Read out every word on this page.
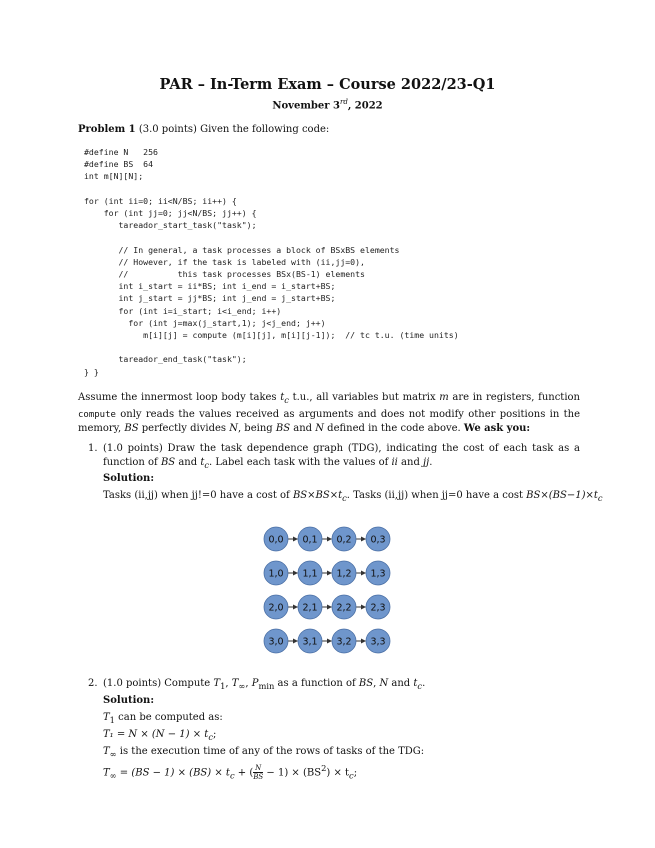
PAR – In-Term Exam – Course 2022/23-Q1
November 3rd, 2022
Problem 1 (3.0 points) Given the following code:
#define N   256
#define BS  64
int m[N][N];

for (int ii=0; ii<N/BS; ii++) {
for (int jj=0; jj<N/BS; jj++) {
tareador_start_task("task");

// In general, a task processes a block of BSxBS elements
// However, if the task is labeled with (ii,jj=0),
//          this task processes BSx(BS-1) elements
int i_start = ii*BS; int i_end = i_start+BS;
int j_start = jj*BS; int j_end = j_start+BS;
for (int i=i_start; i<i_end; i++)
for (int j=max(j_start,1); j<j_end; j++)
m[i][j] = compute (m[i][j], m[i][j-1]);  // tc t.u. (time units)

tareador_end_task("task");
} }
Assume the innermost loop body takes $t_c$ t.u., all variables but matrix m are in registers, function compute only reads the values received as arguments and does not modify other positions in the memory, BS perfectly divides N, being BS and N defined in the code above. We ask you:
1. (1.0 points) Draw the task dependence graph (TDG), indicating the cost of each task as a function of BS and $t_c$. Label each task with the values of ii and jj.
Solution:
Tasks (ii,jj) when jj!=0 have a cost of $BS\times BS\times t_c$. Tasks (ii,jj) when jj=0 have a cost $BS\times(BS-1)\times t_c$
0,0 0,1 0,2 0,3
1,0 1,1 1,2 1,3
2,0 2,1 2,2 2,3
3,0 3,1 3,2 3,3
2. (1.0 points) Compute $T_1$, $T_\infty$, $P_{min}$ as a function of BS, N and $t_c$.
Solution:
$T_1$ can be computed as:
$T_1 = N \times (N - 1) \times t_c$;
$T_\infty$ is the execution time of any of the rows of tasks of the TDG:
$T_\infty = (BS - 1) \times (BS) \times t_c$ + ( $\frac{N}{BS} - 1) \times (BS^2) \times t_c$;
